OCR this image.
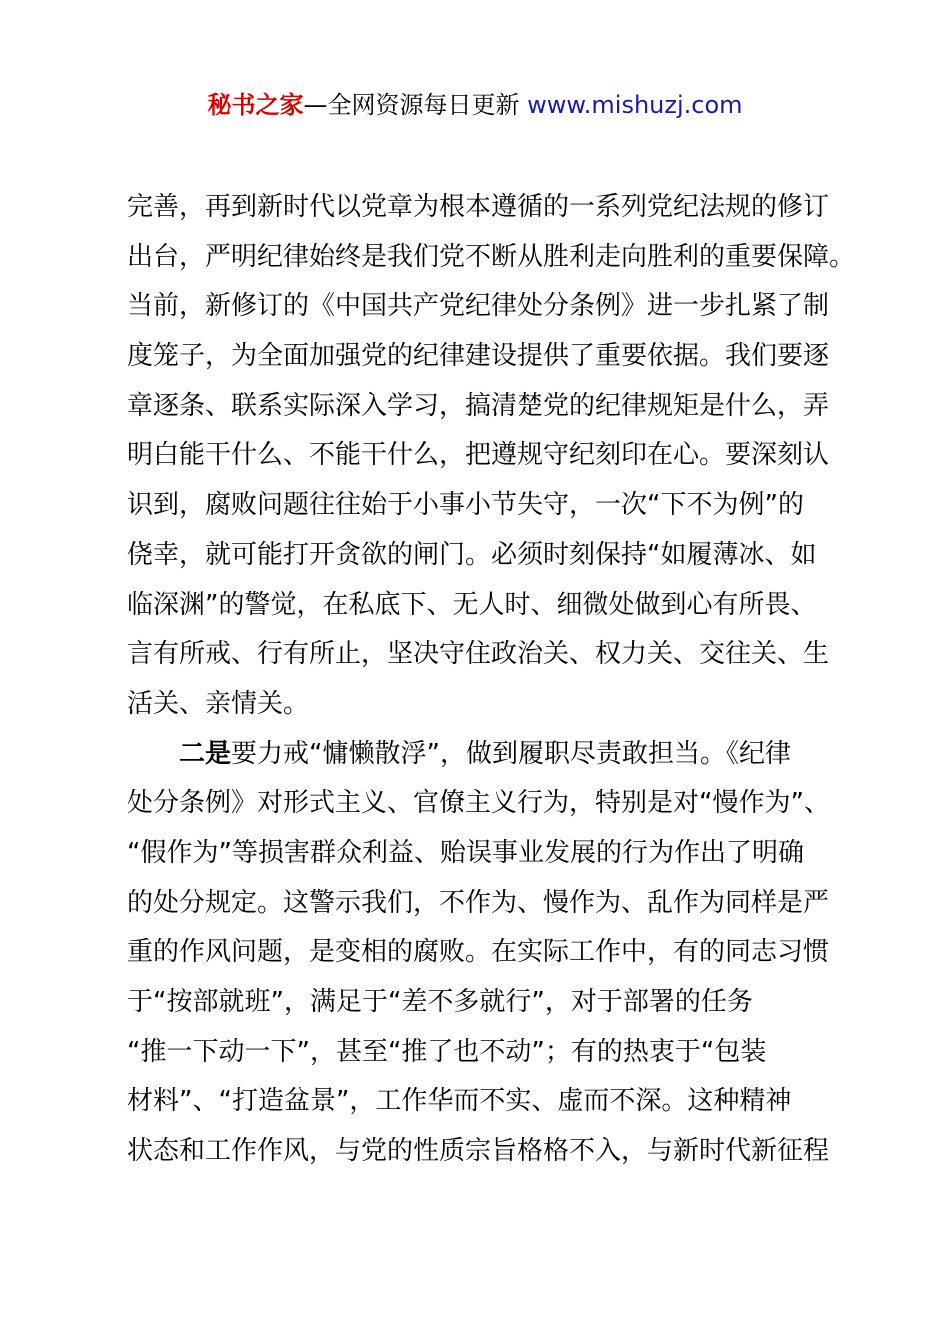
秘书之家—全网资源每日更新 www.mishuzj.com
完善，再到新时代以党章为根本遵循的一系列党纪法规的修订
出台，严明纪律始终是我们党不断从胜利走向胜利的重要保障。
当前，新修订的《中国共产党纪律处分条例》进一步扎紧了制
度笼子，为全面加强党的纪律建设提供了重要依据。我们要逐
章逐条、联系实际深入学习，搞清楚党的纪律规矩是什么，弄
明白能干什么、不能干什么，把遵规守纪刻印在心。要深刻认
识到，腐败问题往往始于小事小节失守，一次“下不为例”的
侥幸，就可能打开贪欲的闸门。必须时刻保持“如履薄冰、如
临深渊”的警觉，在私底下、无人时、细微处做到心有所畏、
言有所戒、行有所止，坚决守住政治关、权力关、交往关、生
活关、亲情关。
二是要力戒“慵懒散浮”，做到履职尽责敢担当。《纪律
处分条例》对形式主义、官僚主义行为，特别是对“慢作为”、
“假作为”等损害群众利益、贻误事业发展的行为作出了明确
的处分规定。这警示我们，不作为、慢作为、乱作为同样是严
重的作风问题，是变相的腐败。在实际工作中，有的同志习惯
于“按部就班”，满足于“差不多就行”，对于部署的任务
“推一下动一下”，甚至“推了也不动”；有的热衷于“包装
材料”、“打造盆景”，工作华而不实、虚而不深。这种精神
状态和工作作风，与党的性质宗旨格格不入，与新时代新征程
